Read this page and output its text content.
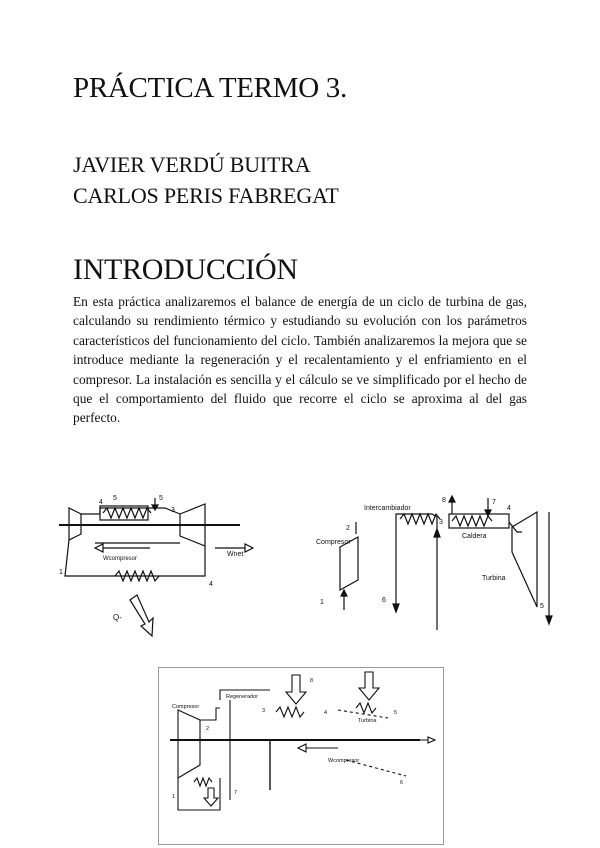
PRÁCTICA TERMO 3.

JAVIER VERDÚ BUITRA

CARLOS PERIS FABREGAT

INTRODUCCIÓN

En esta práctica analizaremos el balance de energía de un ciclo de turbina de gas, calculando su rendimiento térmico y estudiando su evolución con los parámetros característicos del funcionamiento del ciclo. También analizaremos la mejora que se introduce mediante la regeneración y el recalentamiento y el enfriamiento en el compresor. La instalación es sencilla y el cálculo se ve simplificado por el hecho de que el comportamiento del fluido que recorre el ciclo se aproxima al del gas perfecto.

4
5	5
3
1
4
Wcompresor
Wnet
Q-
Intercambiador
Compresor
Caldera
Turbina
1
2
3
4
5
6
7
8
Compresor
Regenerador
Turbina
Wcompresor
1
2
3	4	5
6
7
8
